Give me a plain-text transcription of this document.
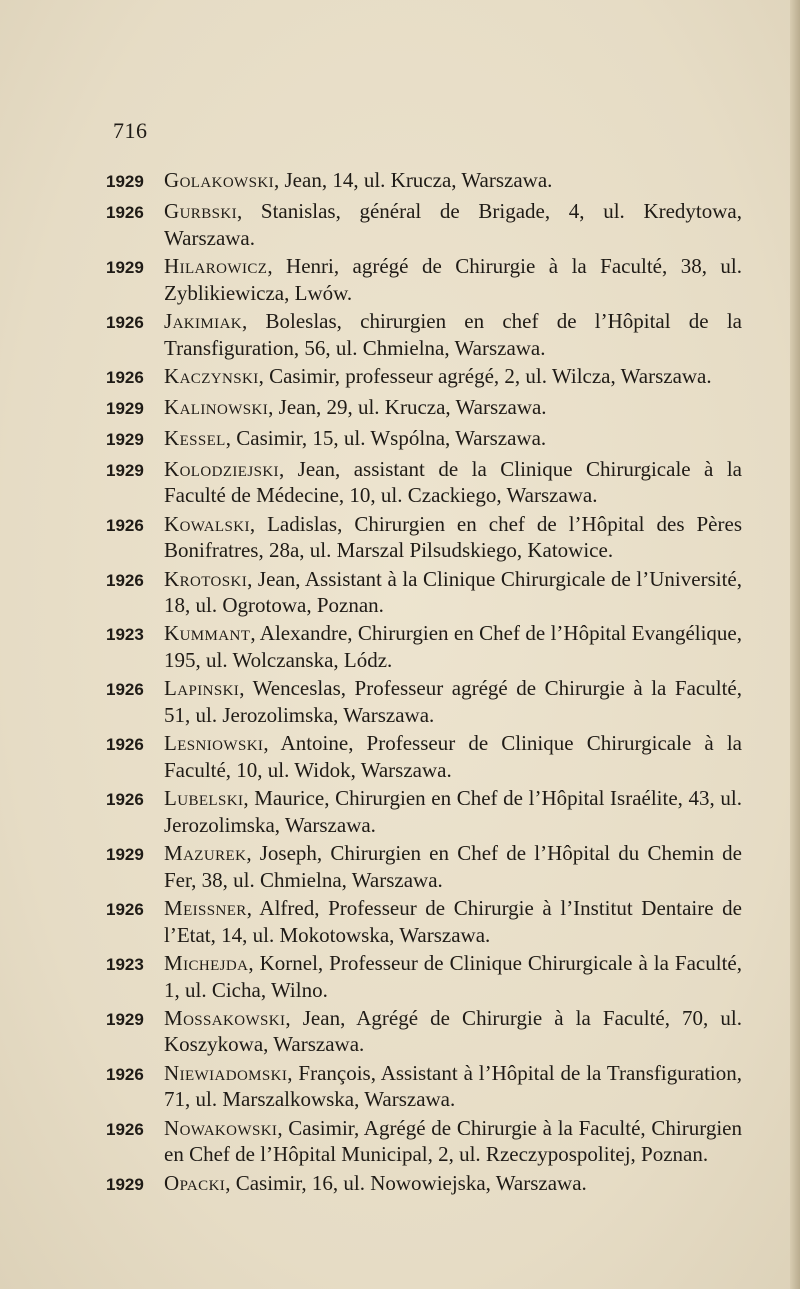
716
1929 Golakowski, Jean, 14, ul. Krucza, Warszawa.
1926 Gurbski, Stanislas, général de Brigade, 4, ul. Kredytowa, Warszawa.
1929 Hilarowicz, Henri, agrégé de Chirurgie à la Faculté, 38, ul. Zyblikiewicza, Lwów.
1926 Jakimiak, Boleslas, chirurgien en chef de l’Hôpital de la Transfiguration, 56, ul. Chmielna, Warszawa.
1926 Kaczynski, Casimir, professeur agrégé, 2, ul. Wilcza, Warszawa.
1929 Kalinowski, Jean, 29, ul. Krucza, Warszawa.
1929 Kessel, Casimir, 15, ul. Wspólna, Warszawa.
1929 Kolodziejski, Jean, assistant de la Clinique Chirurgicale à la Faculté de Médecine, 10, ul. Czackiego, Warszawa.
1926 Kowalski, Ladislas, Chirurgien en chef de l’Hôpital des Pères Bonifratres, 28a, ul. Marszal Pilsudskiego, Katowice.
1926 Krotoski, Jean, Assistant à la Clinique Chirurgicale de l’Université, 18, ul. Ogrotowa, Poznan.
1923 Kummant, Alexandre, Chirurgien en Chef de l’Hôpital Evangélique, 195, ul. Wolczanska, Lódz.
1926 Lapinski, Wenceslas, Professeur agrégé de Chirurgie à la Faculté, 51, ul. Jerozolimska, Warszawa.
1926 Lesniowski, Antoine, Professeur de Clinique Chirurgicale à la Faculté, 10, ul. Widok, Warszawa.
1926 Lubelski, Maurice, Chirurgien en Chef de l’Hôpital Israélite, 43, ul. Jerozolimska, Warszawa.
1929 Mazurek, Joseph, Chirurgien en Chef de l’Hôpital du Chemin de Fer, 38, ul. Chmielna, Warszawa.
1926 Meissner, Alfred, Professeur de Chirurgie à l’Institut Dentaire de l’Etat, 14, ul. Mokotowska, Warszawa.
1923 Michejda, Kornel, Professeur de Clinique Chirurgicale à la Faculté, 1, ul. Cicha, Wilno.
1929 Mossakowski, Jean, Agrégé de Chirurgie à la Faculté, 70, ul. Koszykowa, Warszawa.
1926 Niewiadomski, François, Assistant à l’Hôpital de la Transfiguration, 71, ul. Marszalkowska, Warszawa.
1926 Nowakowski, Casimir, Agrégé de Chirurgie à la Faculté, Chirurgien en Chef de l’Hôpital Municipal, 2, ul. Rzeczypospolitej, Poznan.
1929 Opacki, Casimir, 16, ul. Nowowiejska, Warszawa.
